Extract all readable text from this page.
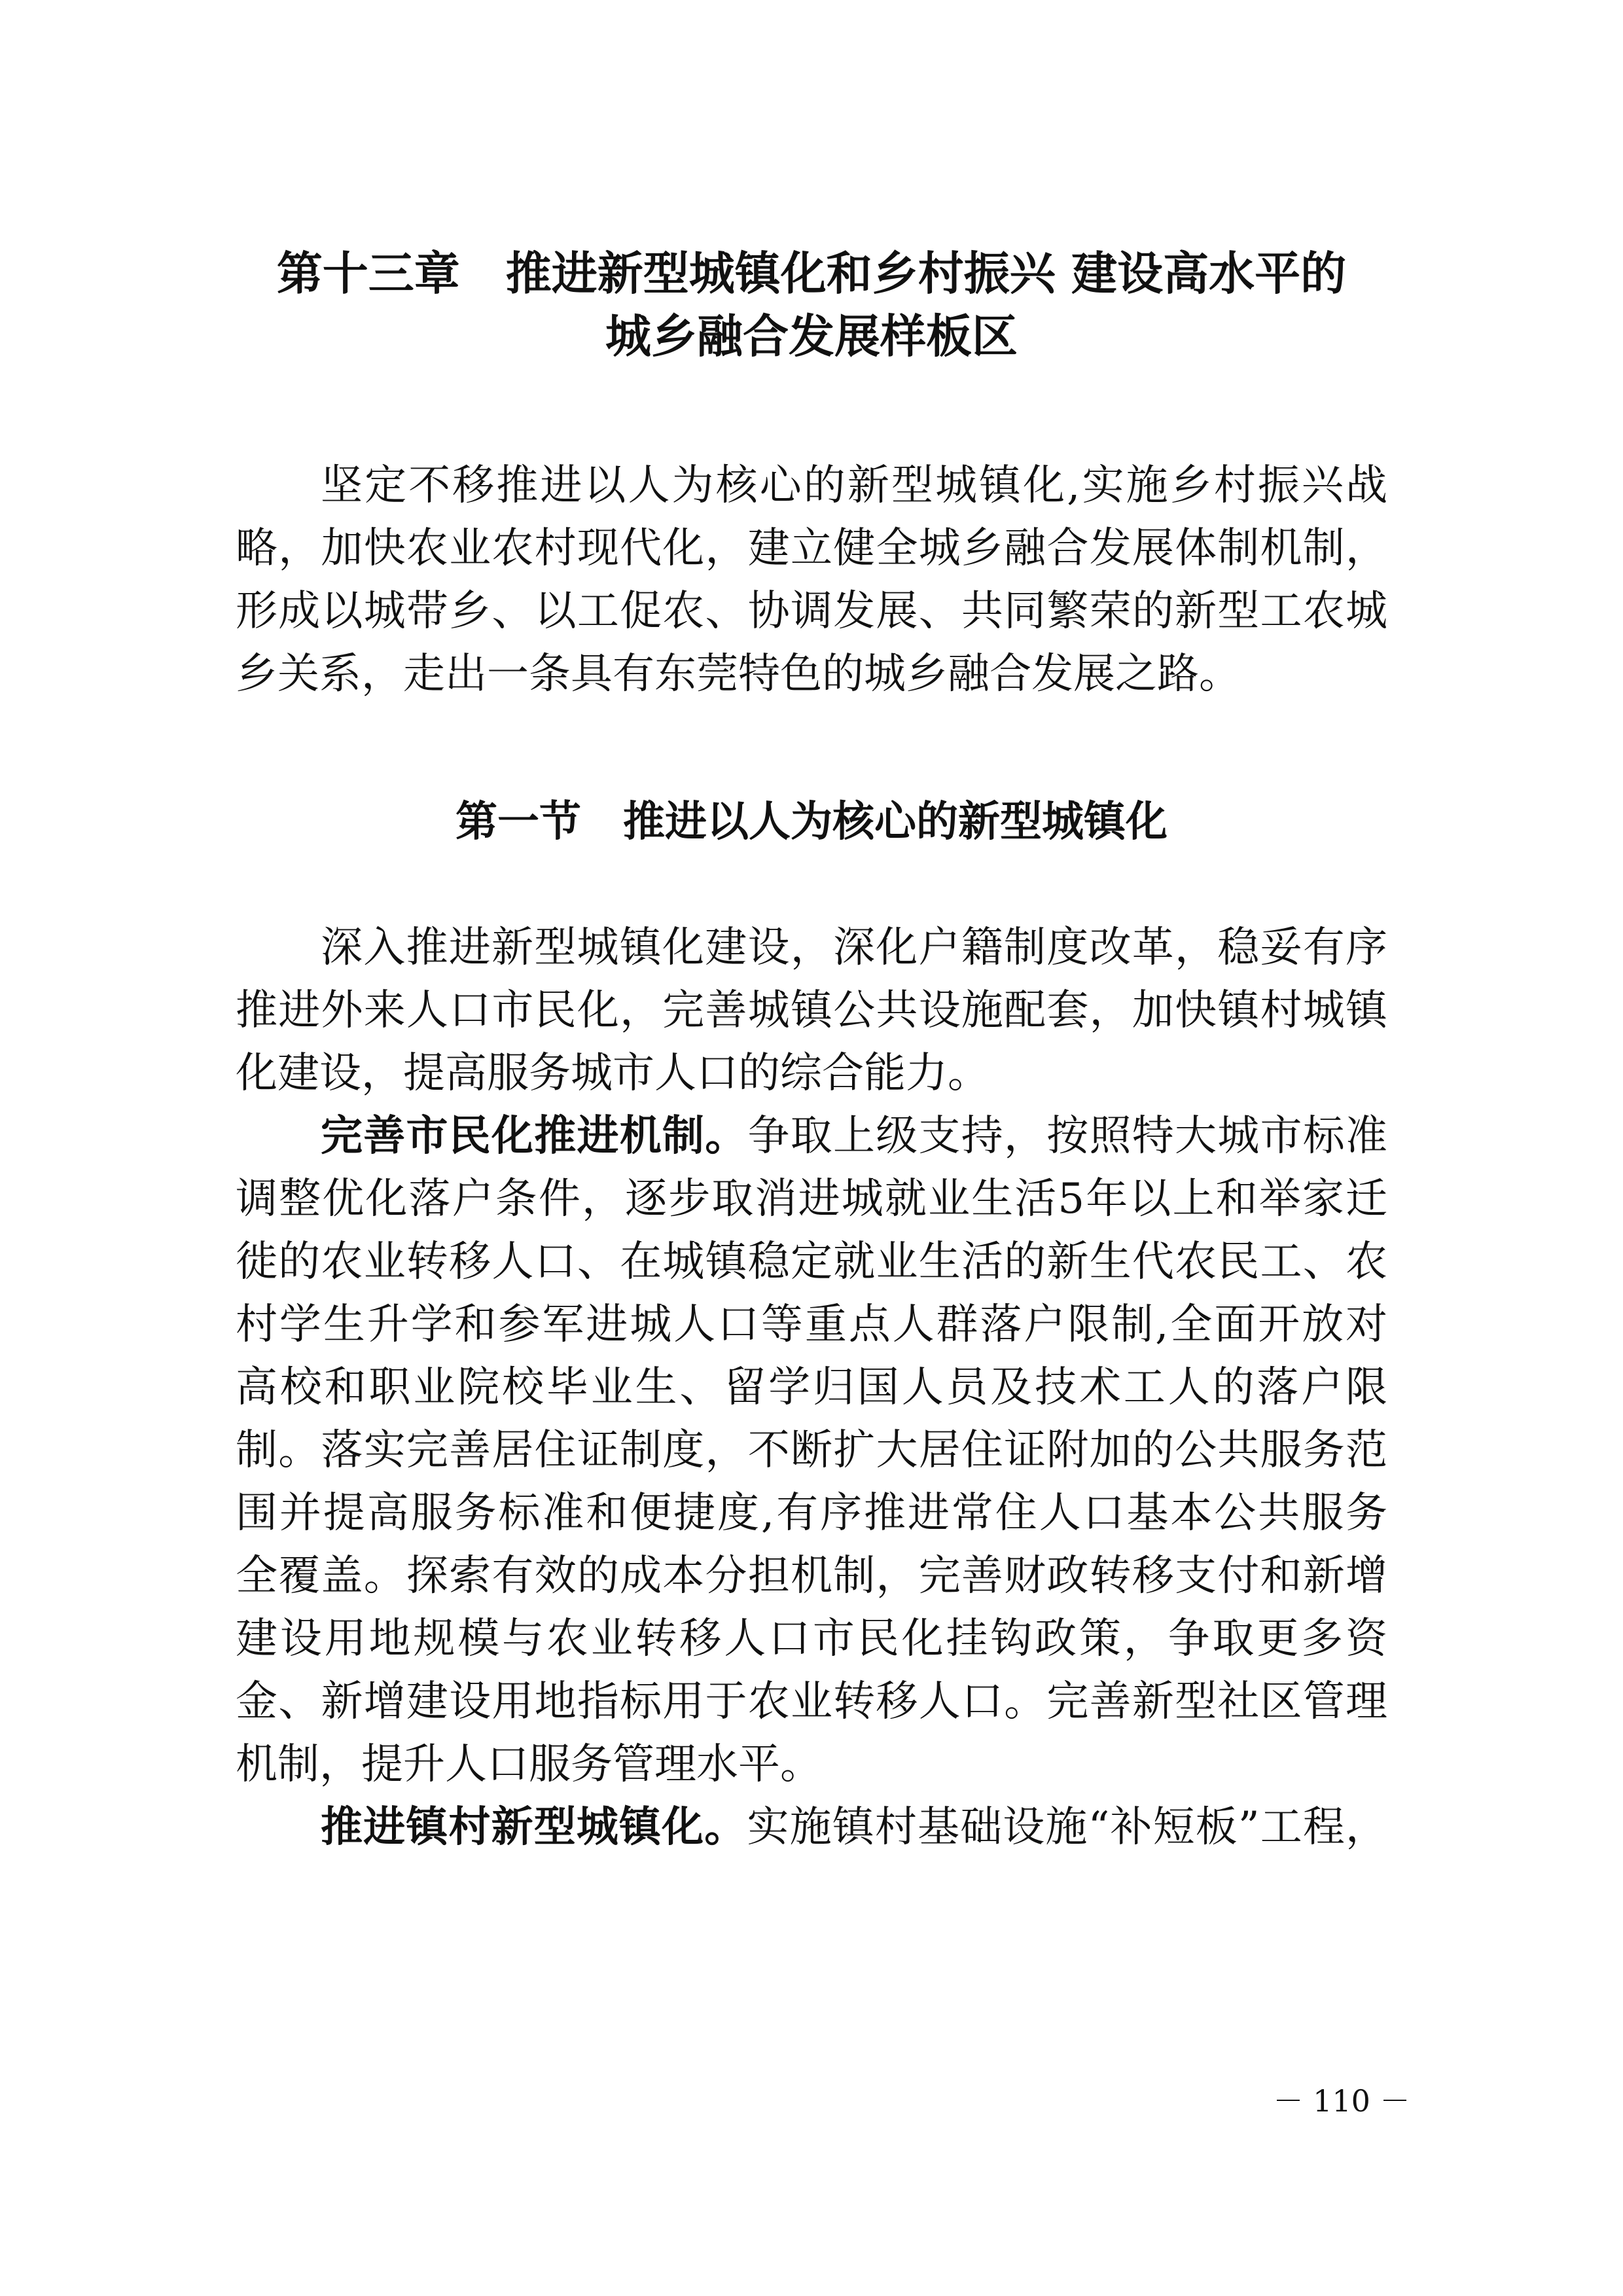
第十三章　推进新型城镇化和乡村振兴 建设高水平的
城乡融合发展样板区

坚定不移推进以人为核心的新型城镇化,实施乡村振兴战

略，加快农业农村现代化，建立健全城乡融合发展体制机制，

形成以城带乡、以工促农、协调发展、共同繁荣的新型工农城

乡关系，走出一条具有东莞特色的城乡融合发展之路。

第一节　推进以人为核心的新型城镇化

深入推进新型城镇化建设，深化户籍制度改革，稳妥有序

推进外来人口市民化，完善城镇公共设施配套，加快镇村城镇

化建设，提高服务城市人口的综合能力。

完善市民化推进机制。争取上级支持，按照特大城市标准

调整优化落户条件，逐步取消进城就业生活5年以上和举家迁

徙的农业转移人口、在城镇稳定就业生活的新生代农民工、农

村学生升学和参军进城人口等重点人群落户限制,全面开放对

高校和职业院校毕业生、留学归国人员及技术工人的落户限

制。落实完善居住证制度，不断扩大居住证附加的公共服务范

围并提高服务标准和便捷度,有序推进常住人口基本公共服务

全覆盖。探索有效的成本分担机制，完善财政转移支付和新增

建设用地规模与农业转移人口市民化挂钩政策，争取更多资

金、新增建设用地指标用于农业转移人口。完善新型社区管理

机制，提升人口服务管理水平。

推进镇村新型城镇化。实施镇村基础设施“补短板”工程，

－ 110 －
